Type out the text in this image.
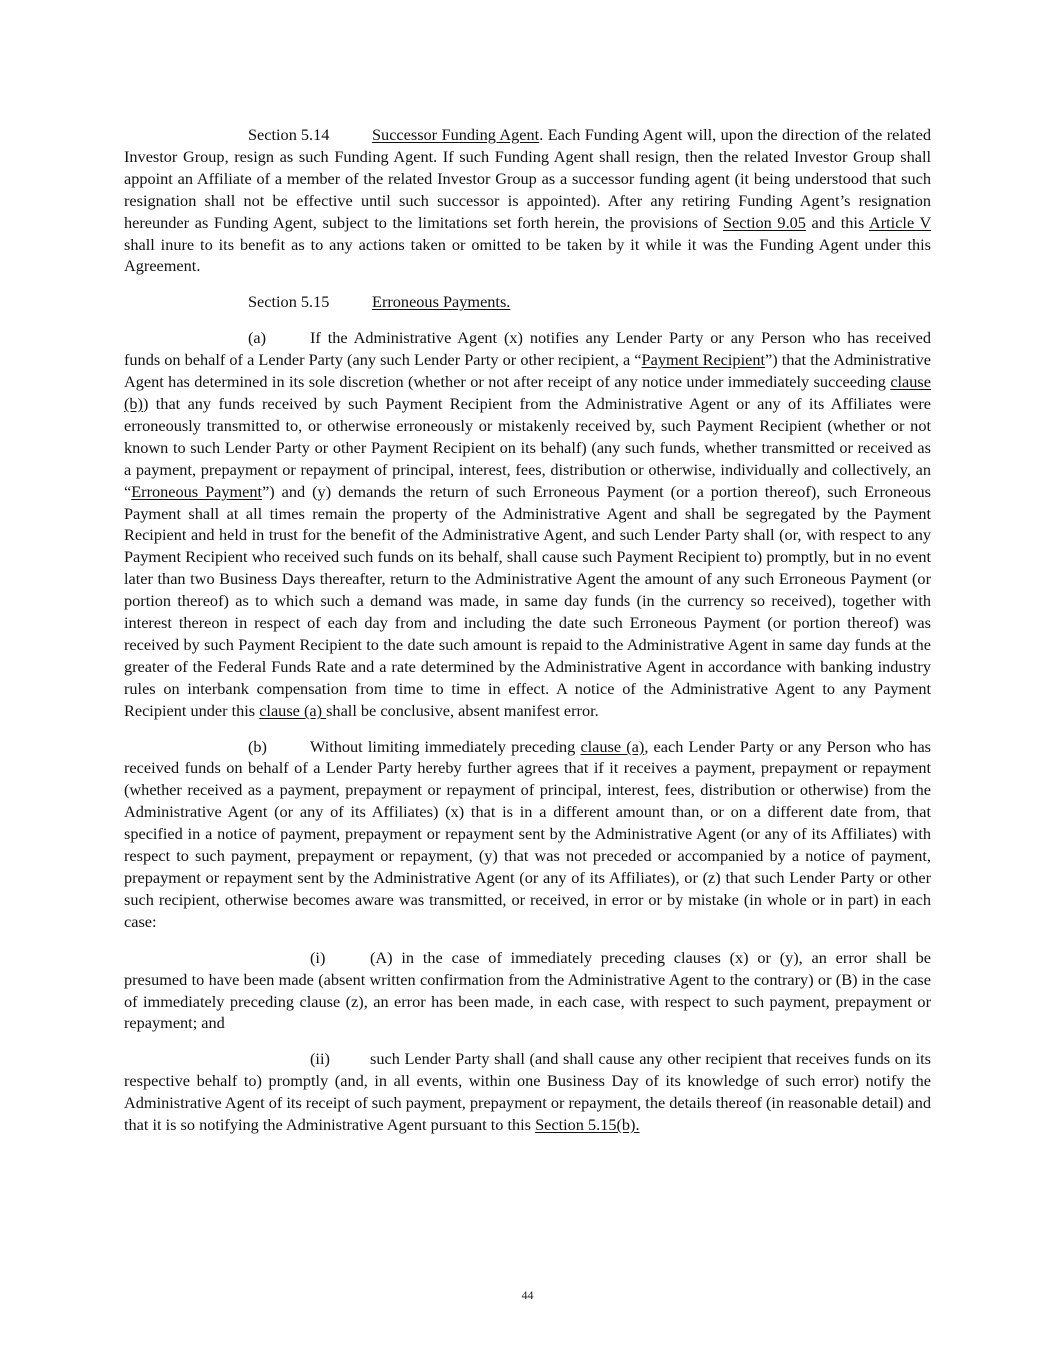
Section 5.14	Successor Funding Agent. Each Funding Agent will, upon the direction of the related Investor Group, resign as such Funding Agent. If such Funding Agent shall resign, then the related Investor Group shall appoint an Affiliate of a member of the related Investor Group as a successor funding agent (it being understood that such resignation shall not be effective until such successor is appointed). After any retiring Funding Agent’s resignation hereunder as Funding Agent, subject to the limitations set forth herein, the provisions of Section 9.05 and this Article V shall inure to its benefit as to any actions taken or omitted to be taken by it while it was the Funding Agent under this Agreement.

Section 5.15	Erroneous Payments.

(a)	If the Administrative Agent (x) notifies any Lender Party or any Person who has received funds on behalf of a Lender Party (any such Lender Party or other recipient, a “Payment Recipient”) that the Administrative Agent has determined in its sole discretion (whether or not after receipt of any notice under immediately succeeding clause (b)) that any funds received by such Payment Recipient from the Administrative Agent or any of its Affiliates were erroneously transmitted to, or otherwise erroneously or mistakenly received by, such Payment Recipient (whether or not known to such Lender Party or other Payment Recipient on its behalf) (any such funds, whether transmitted or received as a payment, prepayment or repayment of principal, interest, fees, distribution or otherwise, individually and collectively, an “Erroneous Payment”) and (y) demands the return of such Erroneous Payment (or a portion thereof), such Erroneous Payment shall at all times remain the property of the Administrative Agent and shall be segregated by the Payment Recipient and held in trust for the benefit of the Administrative Agent, and such Lender Party shall (or, with respect to any Payment Recipient who received such funds on its behalf, shall cause such Payment Recipient to) promptly, but in no event later than two Business Days thereafter, return to the Administrative Agent the amount of any such Erroneous Payment (or portion thereof) as to which such a demand was made, in same day funds (in the currency so received), together with interest thereon in respect of each day from and including the date such Erroneous Payment (or portion thereof) was received by such Payment Recipient to the date such amount is repaid to the Administrative Agent in same day funds at the greater of the Federal Funds Rate and a rate determined by the Administrative Agent in accordance with banking industry rules on interbank compensation from time to time in effect. A notice of the Administrative Agent to any Payment Recipient under this clause (a) shall be conclusive, absent manifest error.

(b)	Without limiting immediately preceding clause (a), each Lender Party or any Person who has received funds on behalf of a Lender Party hereby further agrees that if it receives a payment, prepayment or repayment (whether received as a payment, prepayment or repayment of principal, interest, fees, distribution or otherwise) from the Administrative Agent (or any of its Affiliates) (x) that is in a different amount than, or on a different date from, that specified in a notice of payment, prepayment or repayment sent by the Administrative Agent (or any of its Affiliates) with respect to such payment, prepayment or repayment, (y) that was not preceded or accompanied by a notice of payment, prepayment or repayment sent by the Administrative Agent (or any of its Affiliates), or (z) that such Lender Party or other such recipient, otherwise becomes aware was transmitted, or received, in error or by mistake (in whole or in part) in each case:

(i)	(A) in the case of immediately preceding clauses (x) or (y), an error shall be presumed to have been made (absent written confirmation from the Administrative Agent to the contrary) or (B) in the case of immediately preceding clause (z), an error has been made, in each case, with respect to such payment, prepayment or repayment; and

(ii) such Lender Party shall (and shall cause any other recipient that receives funds on its respective behalf to) promptly (and, in all events, within one Business Day of its knowledge of such error) notify the Administrative Agent of its receipt of such payment, prepayment or repayment, the details thereof (in reasonable detail) and that it is so notifying the Administrative Agent pursuant to this Section 5.15(b).

44
